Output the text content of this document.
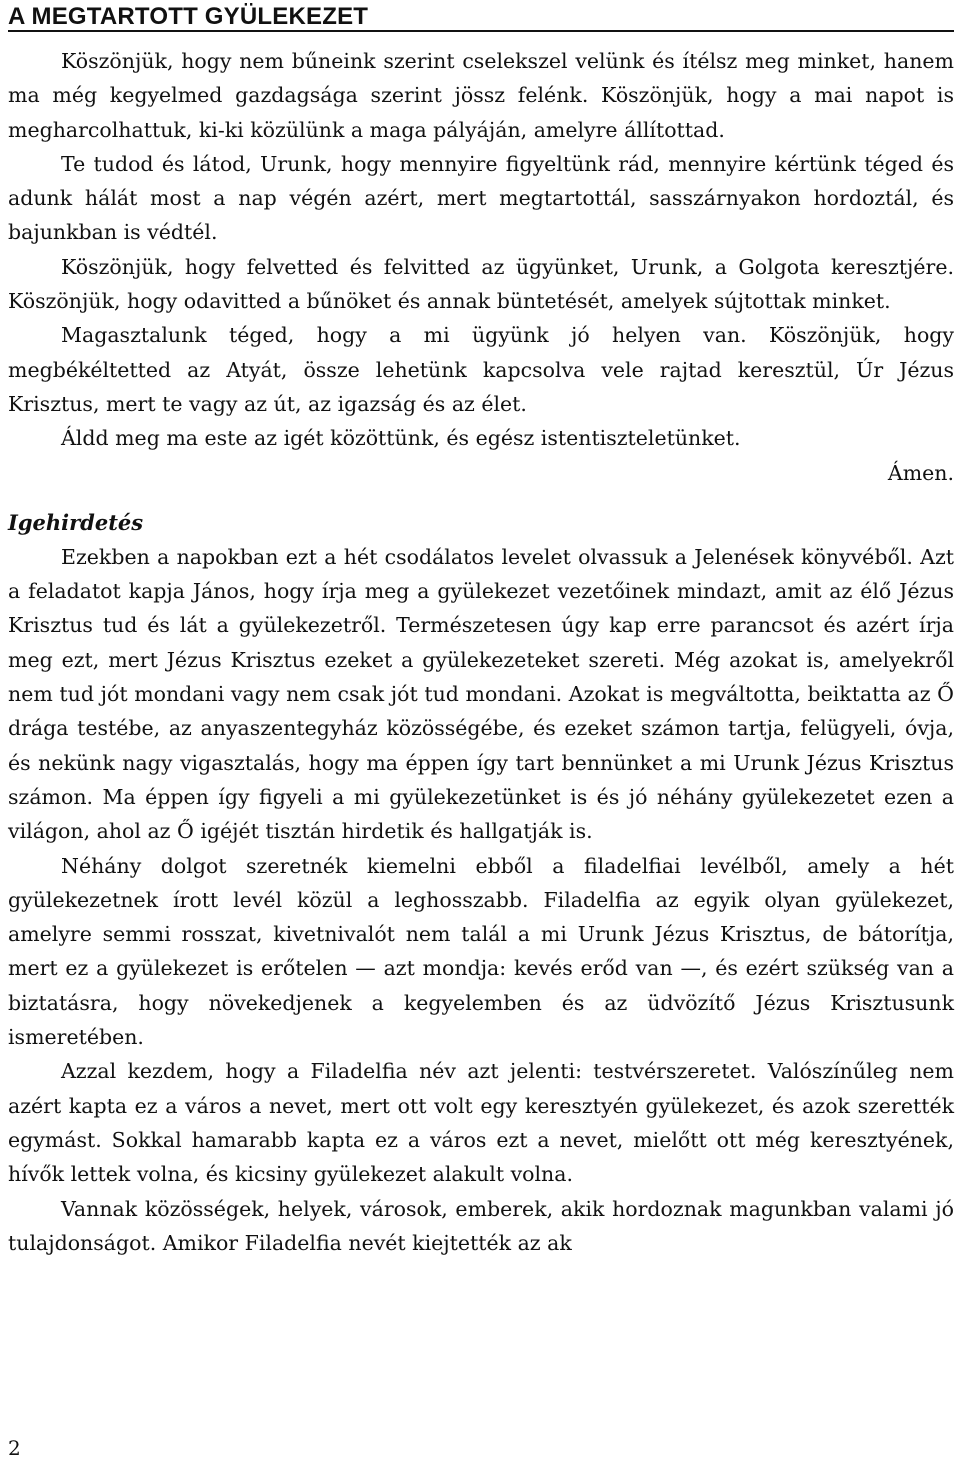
A MEGTARTOTT GYÜLEKEZET

Köszönjük, hogy nem bűneink szerint cselekszel velünk és ítélsz meg minket, hanem ma még kegyelmed gazdagsága szerint jössz felénk. Köszönjük, hogy a mai napot is megharcolhattuk, ki-ki közülünk a maga pályáján, amelyre állítottad.

Te tudod és látod, Urunk, hogy mennyire figyeltünk rád, mennyire kértünk téged és adunk hálát most a nap végén azért, mert megtartottál, sasszárnyakon hordoztál, és bajunkban is védtél.

Köszönjük, hogy felvetted és felvitted az ügyünket, Urunk, a Golgota keresztjére. Köszönjük, hogy odavitted a bűnöket és annak büntetését, amelyek sújtottak minket.

Magasztalunk téged, hogy a mi ügyünk jó helyen van. Köszönjük, hogy megbékéltetted az Atyát, össze lehetünk kapcsolva vele rajtad keresztül, Úr Jézus Krisztus, mert te vagy az út, az igazság és az élet.

Áldd meg ma este az igét közöttünk, és egész istentiszteletünket.

Ámen.

Igehirdetés

Ezekben a napokban ezt a hét csodálatos levelet olvassuk a Jelenések könyvéből. Azt a feladatot kapja János, hogy írja meg a gyülekezet vezetőinek mindazt, amit az élő Jézus Krisztus tud és lát a gyülekezetről. Természetesen úgy kap erre parancsot és azért írja meg ezt, mert Jézus Krisztus ezeket a gyülekezeteket szereti. Még azokat is, amelyekről nem tud jót mondani vagy nem csak jót tud mondani. Azokat is megváltotta, beiktatta az Ő drága testébe, az anyaszentegyház közösségébe, és ezeket számon tartja, felügyeli, óvja, és nekünk nagy vigasztalás, hogy ma éppen így tart bennünket a mi Urunk Jézus Krisztus számon. Ma éppen így figyeli a mi gyülekezetünket is és jó néhány gyülekezetet ezen a világon, ahol az Ő igéjét tisztán hirdetik és hallgatják is.

Néhány dolgot szeretnék kiemelni ebből a filadelfiai levélből, amely a hét gyülekezetnek írott levél közül a leghosszabb. Filadelfia az egyik olyan gyülekezet, amelyre semmi rosszat, kivetnivalót nem talál a mi Urunk Jézus Krisztus, de bátorítja, mert ez a gyülekezet is erőtelen — azt mondja: kevés erőd van —, és ezért szükség van a biztatásra, hogy növekedjenek a kegyelemben és az üdvözítő Jézus Krisztusunk ismeretében.

Azzal kezdem, hogy a Filadelfia név azt jelenti: testvérszeretet. Valószínűleg nem azért kapta ez a város a nevet, mert ott volt egy keresztyén gyülekezet, és azok szerették egymást. Sokkal hamarabb kapta ez a város ezt a nevet, mielőtt ott még keresztyének, hívők lettek volna, és kicsiny gyülekezet alakult volna.

Vannak közösségek, helyek, városok, emberek, akik hordoznak magunkban valami jó tulajdonságot. Amikor Filadelfia nevét kiejtették az ak

2
